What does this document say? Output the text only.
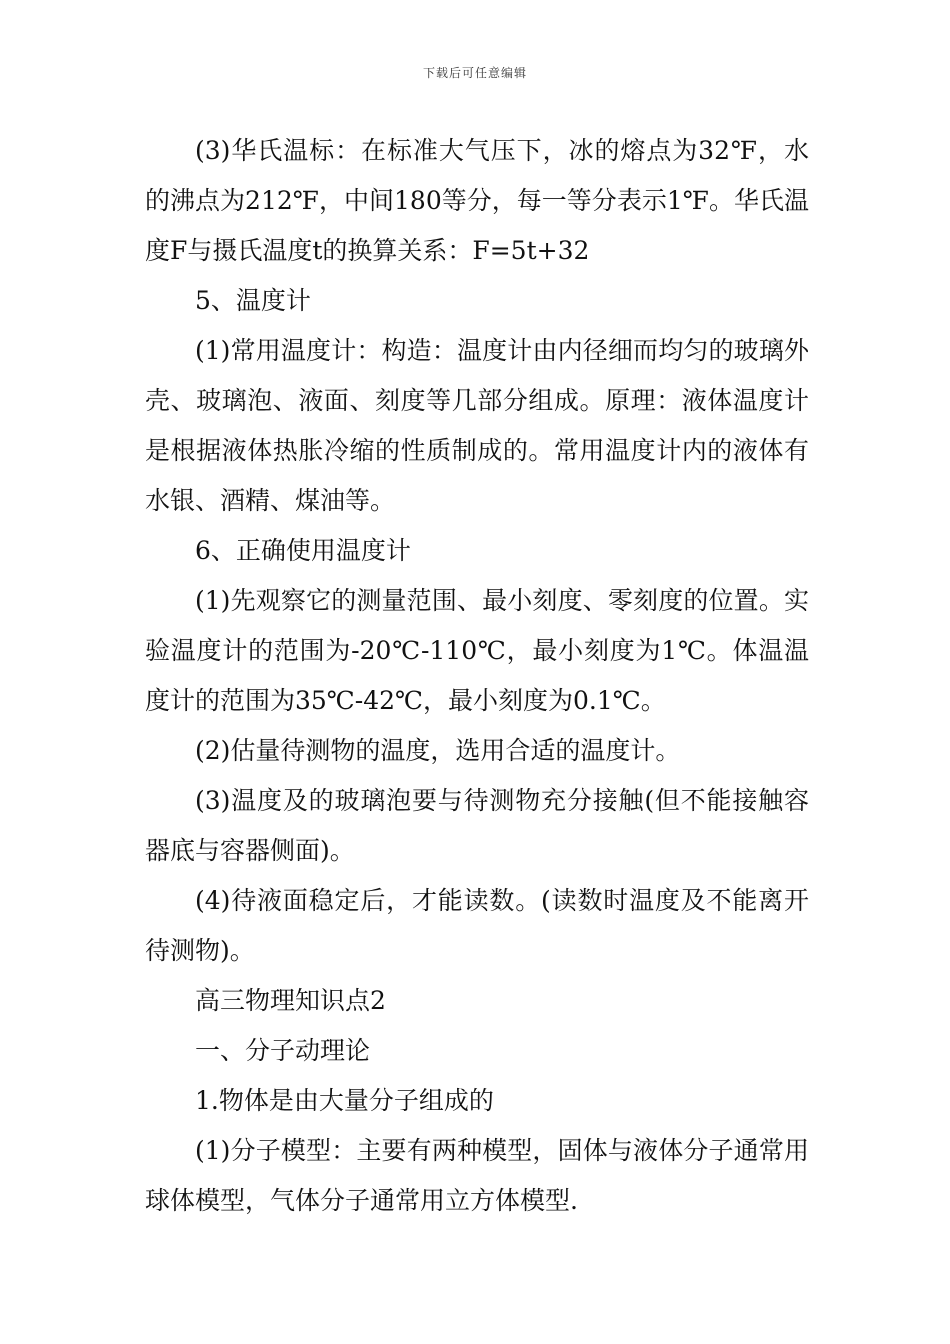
下载后可任意编辑

(3)华氏温标：在标准大气压下，冰的熔点为32℉，水的沸点为212℉，中间180等分，每一等分表示1℉。华氏温度F与摄氏温度t的换算关系：F=5t+32

5、温度计

(1)常用温度计：构造：温度计由内径细而均匀的玻璃外壳、玻璃泡、液面、刻度等几部分组成。原理：液体温度计是根据液体热胀冷缩的性质制成的。常用温度计内的液体有水银、酒精、煤油等。

6、正确使用温度计

(1)先观察它的测量范围、最小刻度、零刻度的位置。实验温度计的范围为-20℃-110℃，最小刻度为1℃。体温温度计的范围为35℃-42℃，最小刻度为0.1℃。

(2)估量待测物的温度，选用合适的温度计。

(3)温度及的玻璃泡要与待测物充分接触(但不能接触容器底与容器侧面)。

(4)待液面稳定后，才能读数。(读数时温度及不能离开待测物)。

高三物理知识点2

一、分子动理论

1.物体是由大量分子组成的

(1)分子模型：主要有两种模型，固体与液体分子通常用球体模型，气体分子通常用立方体模型.
